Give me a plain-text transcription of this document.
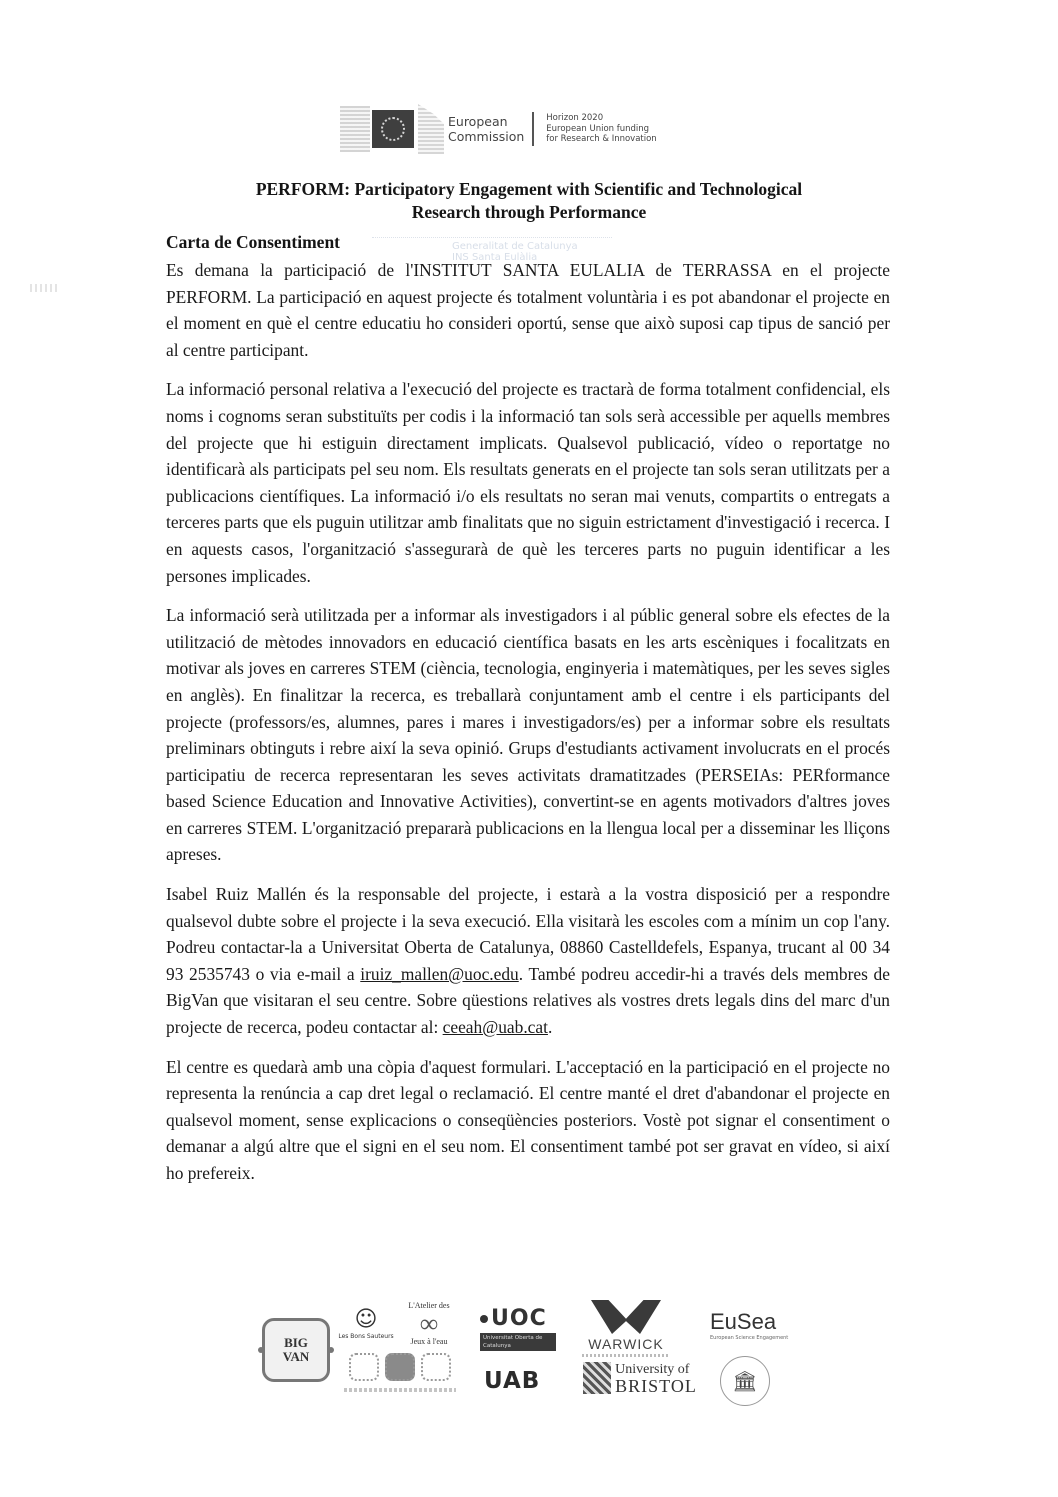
European
Commission
Horizon 2020
European Union funding
for Research & Innovation
PERFORM: Participatory Engagement with Scientific and Technological
Research through Performance
Carta de Consentiment	Generalitat de Catalunya
INS Santa Eulàlia

Es demana la participació de l'INSTITUT SANTA EULALIA de TERRASSA en el projecte PERFORM. La participació en aquest projecte és totalment voluntària i es pot abandonar el projecte en el moment en què el centre educatiu ho consideri oportú, sense que això suposi cap tipus de sanció per al centre participant.

La informació personal relativa a l'execució del projecte es tractarà de forma totalment confidencial, els noms i cognoms seran substituïts per codis i la informació tan sols serà accessible per aquells membres del projecte que hi estiguin directament implicats. Qualsevol publicació, vídeo o reportatge no identificarà als participats pel seu nom. Els resultats generats en el projecte tan sols seran utilitzats per a publicacions científiques. La informació i/o els resultats no seran mai venuts, compartits o entregats a terceres parts que els puguin utilitzar amb finalitats que no siguin estrictament d'investigació i recerca. I en aquests casos, l'organització s'assegurarà de què les terceres parts no puguin identificar a les persones implicades.

La informació serà utilitzada per a informar als investigadors i al públic general sobre els efectes de la utilització de mètodes innovadors en educació científica basats en les arts escèniques i focalitzats en motivar als joves en carreres STEM (ciència, tecnologia, enginyeria i matemàtiques, per les seves sigles en anglès). En finalitzar la recerca, es treballarà conjuntament amb el centre i els participants del projecte (professors/es, alumnes, pares i mares i investigadors/es) per a informar sobre els resultats preliminars obtinguts i rebre així la seva opinió. Grups d'estudiants activament involucrats en el procés participatiu de recerca representaran les seves activitats dramatitzades (PERSEIAs: PERformance based Science Education and Innovative Activities), convertint-se en agents motivadors d'altres joves en carreres STEM. L'organització prepararà publicacions en la llengua local per a disseminar les lliçons apreses.

Isabel Ruiz Mallén és la responsable del projecte, i estarà a la vostra disposició per a respondre qualsevol dubte sobre el projecte i la seva execució. Ella visitarà les escoles com a mínim un cop l'any. Podreu contactar-la a Universitat Oberta de Catalunya, 08860 Castelldefels, Espanya, trucant al 00 34 93 2535743 o via e-mail a iruiz_mallen@uoc.edu. També podreu accedir-hi a través dels membres de BigVan que visitaran el seu centre. Sobre qüestions relatives als vostres drets legals dins del marc d'un projecte de recerca, podeu contactar al: ceeah@uab.cat.

El centre es quedarà amb una còpia d'aquest formulari. L'acceptació en la participació en el projecte no representa la renúncia a cap dret legal o reclamació. El centre manté el dret d'abandonar el projecte en qualsevol moment, sense explicacions o conseqüències posteriors. Vostè pot signar el consentiment o demanar a algú altre que el signi en el seu nom. El consentiment també pot ser gravat en vídeo, si així ho prefereix.

BIG
VAN
☺
Les Bons Sauteurs
L'Atelier des
∞
Jeux à l'eau
UOC
Universitat Oberta de Catalunya
UAB
WARWICK
University of
BRISTOL
EuSea
European Science Engagement
🏛
